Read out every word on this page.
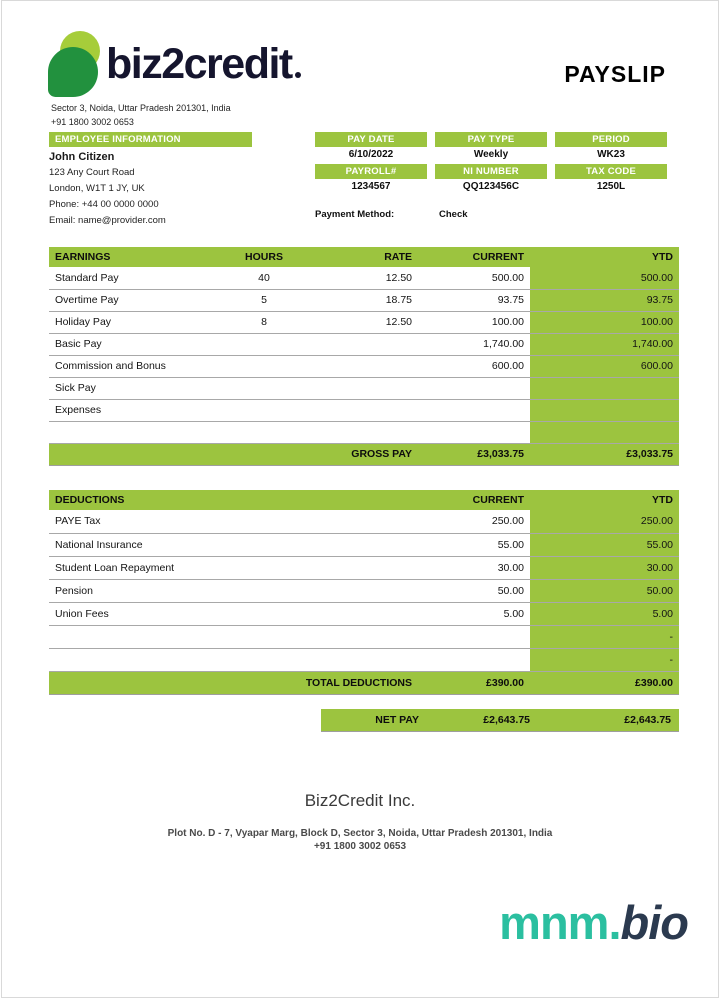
biz2credit	PAYSLIP
Sector 3, Noida, Uttar Pradesh 201301, India
+91 1800 3002 0653
EMPLOYEE INFORMATION
John Citizen
123 Any Court Road
London, W1T 1 JY, UK
Phone: +44 00 0000 0000
Email: name@provider.com
PAY DATE
6/10/2022
PAY TYPE
Weekly
PERIOD
WK23
PAYROLL#
1234567
NI NUMBER
QQ123456C
TAX CODE
1250L
Payment Method:	Check
EARNINGS	HOURS	RATE	CURRENT	YTD
Standard Pay	40	12.50	500.00	500.00
Overtime Pay	5	18.75	93.75	93.75
Holiday Pay	8	12.50	100.00	100.00
Basic Pay			1,740.00	1,740.00
Commission and Bonus			600.00	600.00
Sick Pay				
Expenses				

GROSS PAY			£3,033.75	£3,033.75
DEDUCTIONS	CURRENT	YTD
PAYE Tax	250.00	250.00
National Insurance	55.00	55.00
Student Loan Repayment	30.00	30.00
Pension	50.00	50.00
Union Fees	5.00	5.00
		-
		-
TOTAL DEDUCTIONS	£390.00	£390.00
NET PAY	£2,643.75	£2,643.75
Biz2Credit Inc.
Plot No. D - 7, Vyapar Marg, Block D, Sector 3, Noida, Uttar Pradesh 201301, India
+91 1800 3002 0653
mnm.bio
